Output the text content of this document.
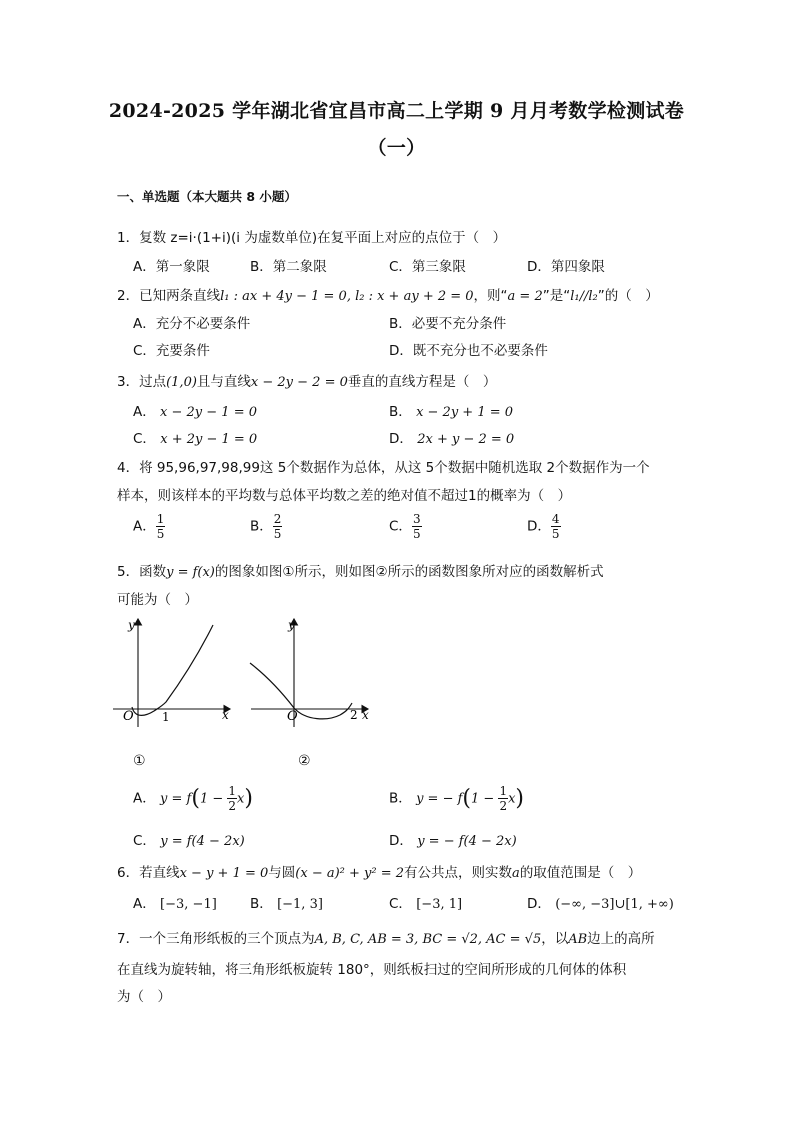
2024-2025 学年湖北省宜昌市高二上学期 9 月月考数学检测试卷
（一）
一、单选题（本大题共 8 小题）
1．复数 z=i·(1+i)(i 为虚数单位)在复平面上对应的点位于（　）
A．第一象限	B．第二象限	C．第三象限	D．第四象限
2．已知两条直线l₁ : ax + 4y − 1 = 0, l₂ : x + ay + 2 = 0，则“a = 2”是“l₁//l₂”的（　）
A．充分不必要条件	B．必要不充分条件
C．充要条件	D．既不充分也不必要条件
3．过点(1,0)且与直线x − 2y − 2 = 0垂直的直线方程是（　）
A． x − 2y − 1 = 0	B． x − 2y + 1 = 0
C． x + 2y − 1 = 0	D． 2x + y − 2 = 0
4．将 95,96,97,98,99这 5个数据作为总体，从这 5个数据中随机选取 2个数据作为一个
样本，则该样本的平均数与总体平均数之差的绝对值不超过1的概率为（　）
A． $\frac{1}{5}$	B． $\frac{2}{5}$	C． $\frac{3}{5}$	D． $\frac{4}{5}$
5．函数y = f(x)的图象如图①所示，则如图②所示的函数图象所对应的函数解析式
可能为（　）
y
x
O 1
y
x
O	2
①	②
A． $y = f(1 - \frac{1}{2} x)$	B． y = − $f(1 - \frac{1}{2} x)$
C． y = f(4 − 2x)	D． y = − f(4 − 2x)
6．若直线x − y + 1 = 0与圆(x − a)² + y² = 2有公共点，则实数a的取值范围是（　）
A． [−3, −1] B． [−1, 3]	C． [−3, 1]	D． (−∞, −3]∪[1, +∞)
7．一个三角形纸板的三个顶点为A, B, C, AB = 3, BC = √2, AC = √5，以AB边上的高所
在直线为旋转轴，将三角形纸板旋转 180°，则纸板扫过的空间所形成的几何体的体积
为（　）
